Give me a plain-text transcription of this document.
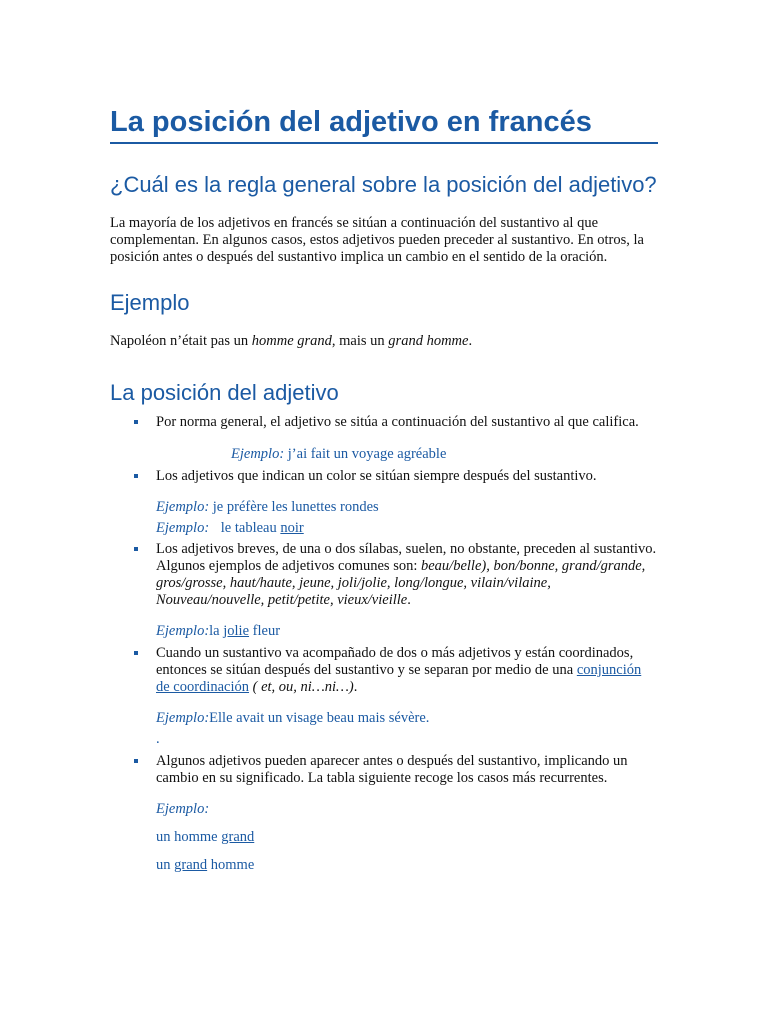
La posición del adjetivo en francés
¿Cuál es la regla general sobre la posición del adjetivo?

La mayoría de los adjetivos en francés se sitúan a continuación del sustantivo al que complementan. En algunos casos, estos adjetivos pueden preceder al sustantivo. En otros, la posición antes o después del sustantivo implica un cambio en el sentido de la oración.

Ejemplo

Napoléon n’était pas un homme grand, mais un grand homme.

La posición del adjetivo
Por norma general, el adjetivo se sitúa a continuación del sustantivo al que califica.
Ejemplo: j’ai fait un voyage agréable
Los adjetivos que indican un color se sitúan siempre después del sustantivo.
Ejemplo: je préfère les lunettes rondes
Ejemplo: le tableau noir
Los adjetivos breves, de una o dos sílabas, suelen, no obstante, preceden al sustantivo. Algunos ejemplos de adjetivos comunes son: beau/belle), bon/bonne, grand/grande, gros/grosse, haut/haute, jeune, joli/jolie, long/longue, vilain/vilaine, Nouveau/nouvelle, petit/petite, vieux/vieille.
Ejemplo:la jolie fleur
Cuando un sustantivo va acompañado de dos o más adjetivos y están coordinados, entonces se sitúan después del sustantivo y se separan por medio de una conjunción de coordinación ( et, ou, ni…ni…).
Ejemplo:Elle avait un visage beau mais sévère.
.
Algunos adjetivos pueden aparecer antes o después del sustantivo, implicando un cambio en su significado. La tabla siguiente recoge los casos más recurrentes.
Ejemplo:
un homme grand
un grand homme
